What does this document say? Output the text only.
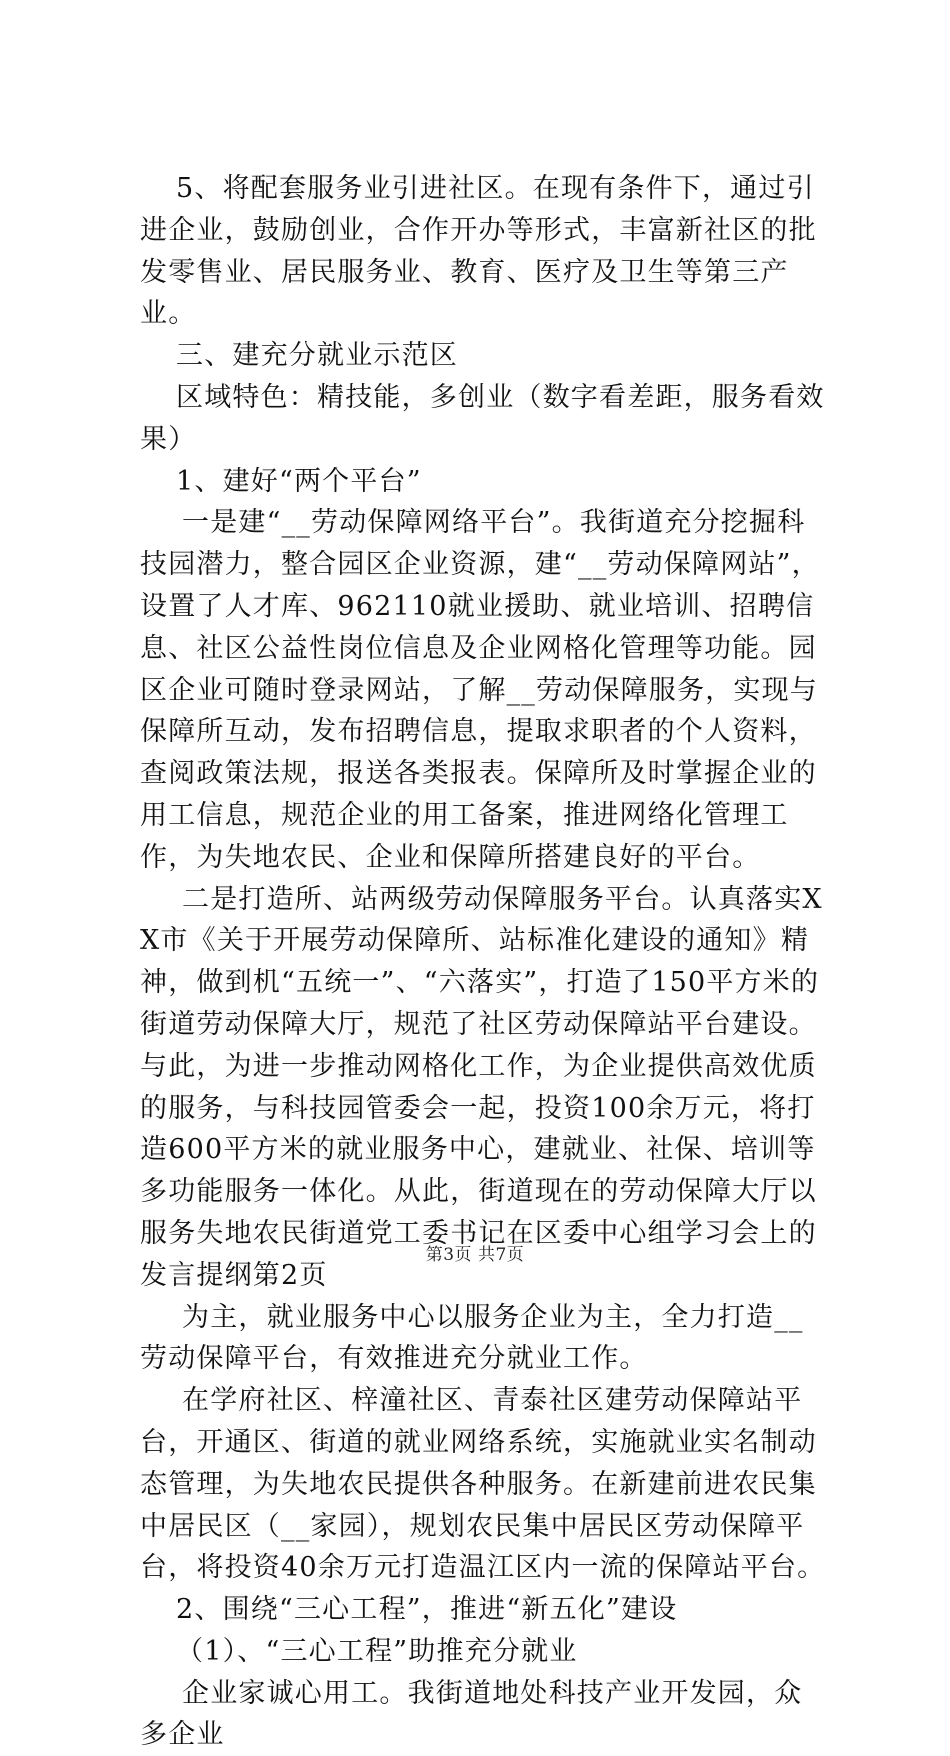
5、将配套服务业引进社区。在现有条件下，通过引进企业，鼓励创业，合作开办等形式，丰富新社区的批发零售业、居民服务业、教育、医疗及卫生等第三产业。

三、建充分就业示范区

区域特色：精技能，多创业（数字看差距，服务看效果）

1、建好“两个平台”

一是建“__劳动保障网络平台”。我街道充分挖掘科技园潜力，整合园区企业资源，建“__劳动保障网站”，设置了人才库、962110就业援助、就业培训、招聘信息、社区公益性岗位信息及企业网格化管理等功能。园区企业可随时登录网站，了解__劳动保障服务，实现与保障所互动，发布招聘信息，提取求职者的个人资料，查阅政策法规，报送各类报表。保障所及时掌握企业的用工信息，规范企业的用工备案，推进网络化管理工作，为失地农民、企业和保障所搭建良好的平台。

二是打造所、站两级劳动保障服务平台。认真落实XX市《关于开展劳动保障所、站标准化建设的通知》精神，做到机“五统一”、“六落实”，打造了150平方米的街道劳动保障大厅，规范了社区劳动保障站平台建设。与此，为进一步推动网格化工作，为企业提供高效优质的服务，与科技园管委会一起，投资100余万元，将打造600平方米的就业服务中心，建就业、社保、培训等多功能服务一体化。从此，街道现在的劳动保障大厅以服务失地农民街道党工委书记在区委中心组学习会上的发言提纲第2页

为主，就业服务中心以服务企业为主，全力打造__劳动保障平台，有效推进充分就业工作。

在学府社区、梓潼社区、青泰社区建劳动保障站平台，开通区、街道的就业网络系统，实施就业实名制动态管理，为失地农民提供各种服务。在新建前进农民集中居民区（__家园），规划农民集中居民区劳动保障平台，将投资40余万元打造温江区内一流的保障站平台。

2、围绕“三心工程”，推进“新五化”建设

（1）、“三心工程”助推充分就业

企业家诚心用工。我街道地处科技产业开发园，众多企业

第3页 共7页
